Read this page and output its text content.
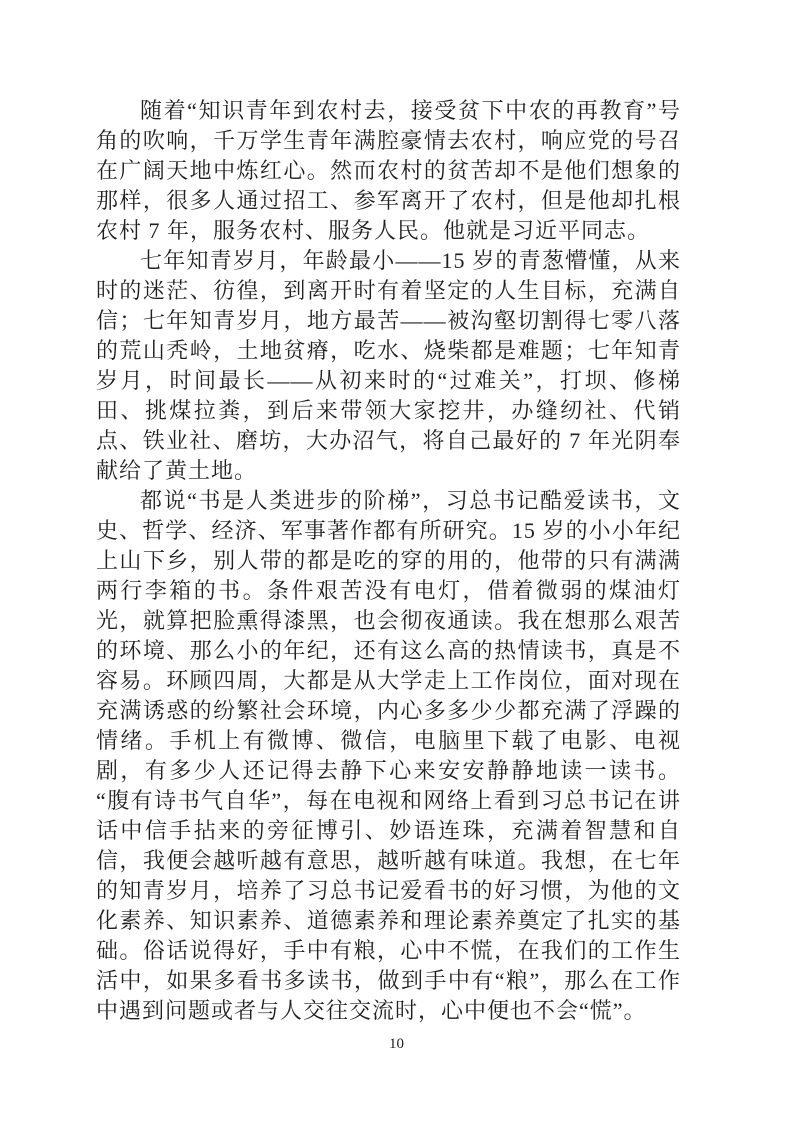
随着“知识青年到农村去，接受贫下中农的再教育”号角的吹响，千万学生青年满腔豪情去农村，响应党的号召在广阔天地中炼红心。然而农村的贫苦却不是他们想象的那样，很多人通过招工、参军离开了农村，但是他却扎根农村 7 年，服务农村、服务人民。他就是习近平同志。

七年知青岁月，年龄最小——15 岁的青葱懵懂，从来时的迷茫、彷徨，到离开时有着坚定的人生目标，充满自信；七年知青岁月，地方最苦——被沟壑切割得七零八落的荒山秃岭，土地贫瘠，吃水、烧柴都是难题；七年知青岁月，时间最长——从初来时的“过难关”，打坝、修梯田、挑煤拉粪，到后来带领大家挖井，办缝纫社、代销点、铁业社、磨坊，大办沼气，将自己最好的 7 年光阴奉献给了黄土地。

都说“书是人类进步的阶梯”，习总书记酷爱读书，文史、哲学、经济、军事著作都有所研究。15 岁的小小年纪上山下乡，别人带的都是吃的穿的用的，他带的只有满满两行李箱的书。条件艰苦没有电灯，借着微弱的煤油灯光，就算把脸熏得漆黑，也会彻夜通读。我在想那么艰苦的环境、那么小的年纪，还有这么高的热情读书，真是不容易。环顾四周，大都是从大学走上工作岗位，面对现在充满诱惑的纷繁社会环境，内心多多少少都充满了浮躁的情绪。手机上有微博、微信，电脑里下载了电影、电视剧，有多少人还记得去静下心来安安静静地读一读书。“腹有诗书气自华”，每在电视和网络上看到习总书记在讲话中信手拈来的旁征博引、妙语连珠，充满着智慧和自信，我便会越听越有意思，越听越有味道。我想，在七年的知青岁月，培养了习总书记爱看书的好习惯，为他的文化素养、知识素养、道德素养和理论素养奠定了扎实的基础。俗话说得好，手中有粮，心中不慌，在我们的工作生活中，如果多看书多读书，做到手中有“粮”，那么在工作中遇到问题或者与人交往交流时，心中便也不会“慌”。

10
